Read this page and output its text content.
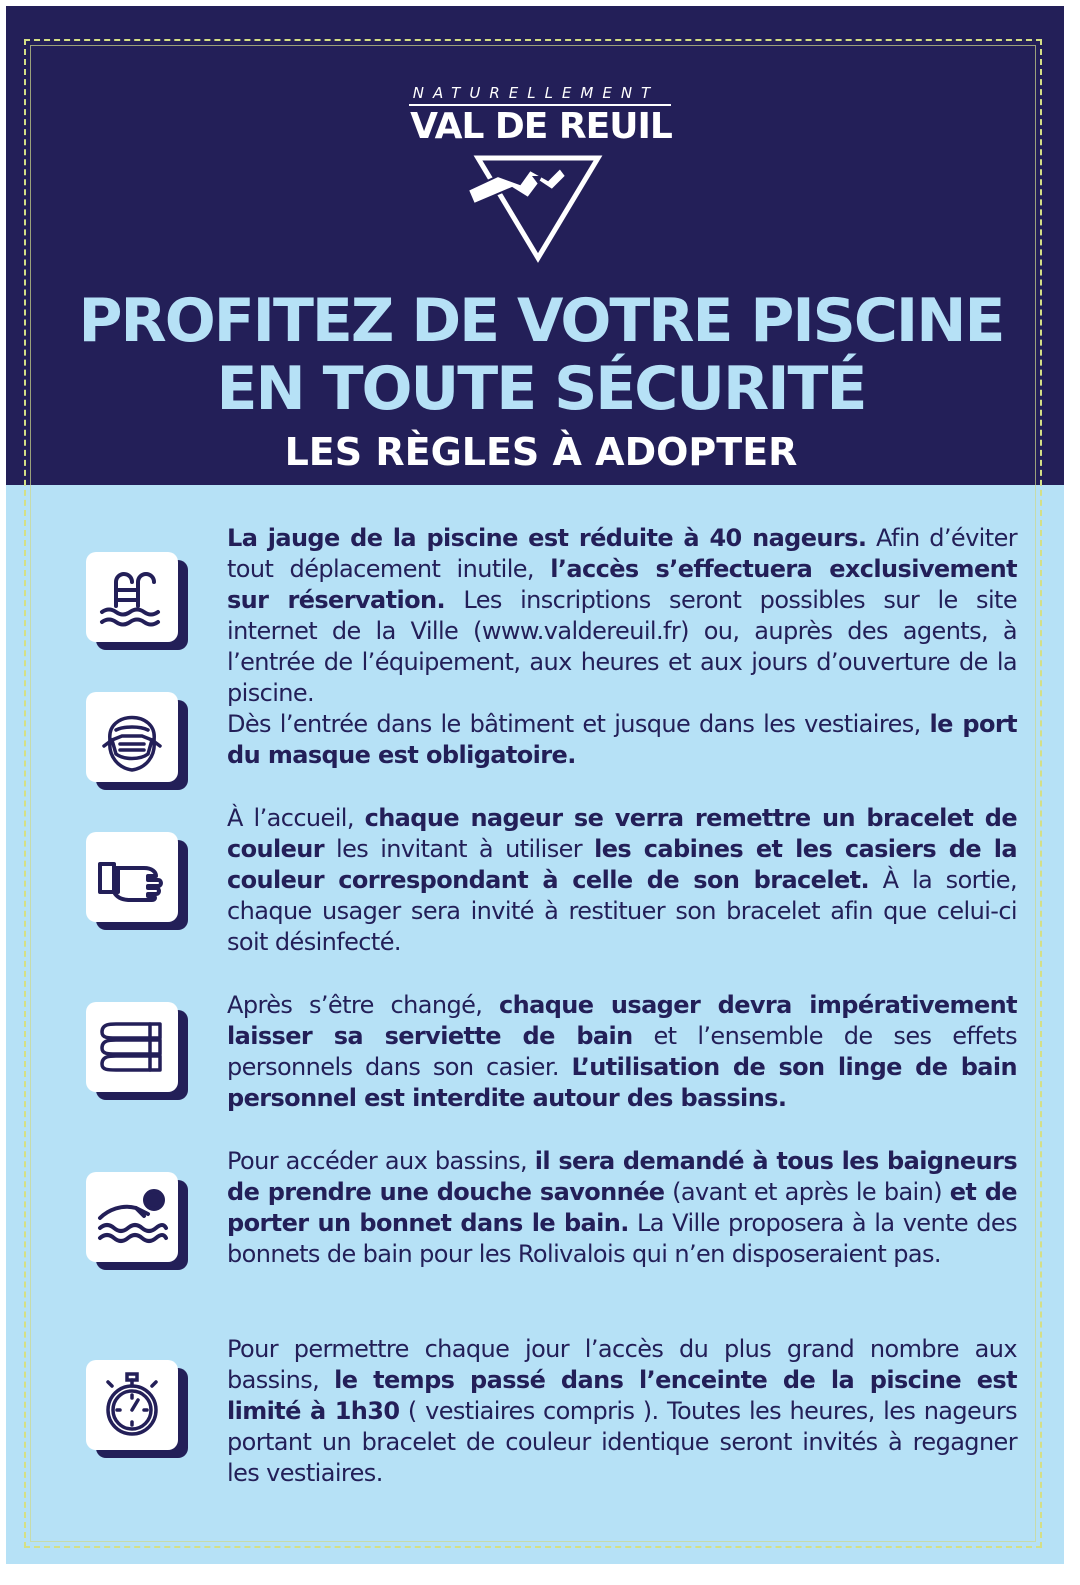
NATURELLEMENT
VAL DE REUIL
PROFITEZ DE VOTRE PISCINE
EN TOUTE SÉCURITÉ
LES RÈGLES À ADOPTER
La jauge de la piscine est réduite à 40 nageurs. Afin d’éviter tout déplacement inutile, l’accès s’effectuera exclusivement sur réservation. Les inscriptions seront possibles sur le site internet de la Ville (www.valdereuil.fr) ou, auprès des agents, à l’entrée de l’équipement, aux heures et aux jours d’ouverture de la piscine.
Dès l’entrée dans le bâtiment et jusque dans les vestiaires, le port du masque est obligatoire.
À l’accueil, chaque nageur se verra remettre un bracelet de couleur les invitant à utiliser les cabines et les casiers de la couleur correspondant à celle de son bracelet. À la sortie, chaque usager sera invité à restituer son bracelet afin que celui-ci soit désinfecté.
Après s’être changé, chaque usager devra impérativement laisser sa serviette de bain et l’ensemble de ses effets personnels dans son casier. L’utilisation de son linge de bain personnel est interdite autour des bassins.
Pour accéder aux bassins, il sera demandé à tous les baigneurs de prendre une douche savonnée (avant et après le bain) et de porter un bonnet dans le bain. La Ville proposera à la vente des bonnets de bain pour les Rolivalois qui n’en disposeraient pas.
Pour permettre chaque jour l’accès du plus grand nombre aux bassins, le temps passé dans l’enceinte de la piscine est limité à 1h30 ( vestiaires compris ). Toutes les heures, les nageurs portant un bracelet de couleur identique seront invités à regagner les vestiaires.
